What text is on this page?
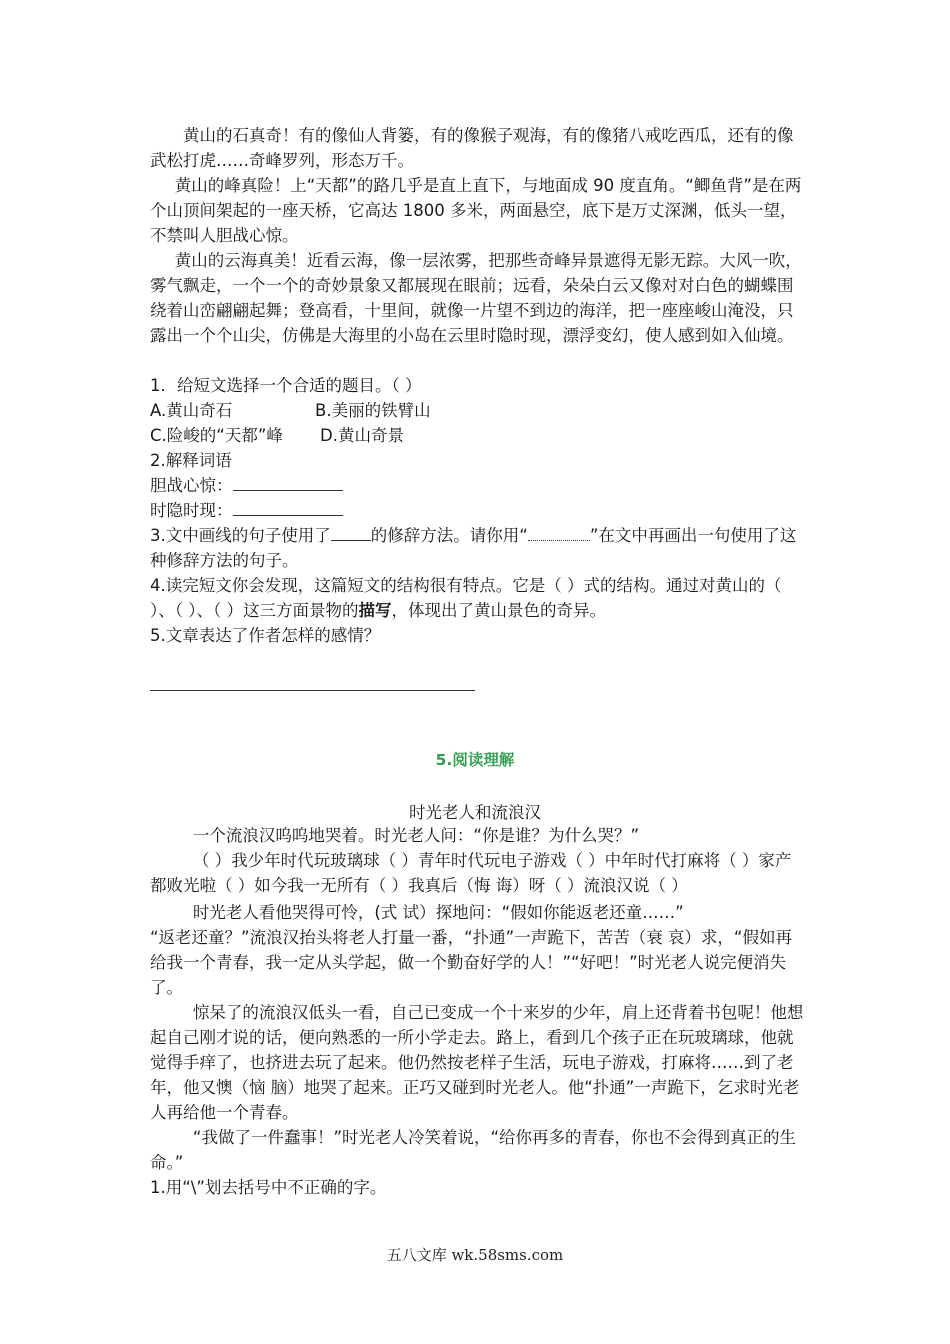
黄山的石真奇！有的像仙人背篓，有的像猴子观海，有的像猪八戒吃西瓜，还有的像武松打虎……奇峰罗列，形态万千。

黄山的峰真险！上“天都”的路几乎是直上直下，与地面成 90 度直角。“鲫鱼背”是在两个山顶间架起的一座天桥，它高达 1800 多米，两面悬空，底下是万丈深渊，低头一望，不禁叫人胆战心惊。

黄山的云海真美！近看云海，像一层浓雾，把那些奇峰异景遮得无影无踪。大风一吹，雾气飘走，一个一个的奇妙景象又都展现在眼前；远看，朵朵白云又像对对白色的蝴蝶围绕着山峦翩翩起舞；登高看，十里间，就像一片望不到边的海洋，把一座座峻山淹没，只露出一个个山尖，仿佛是大海里的小岛在云里时隐时现，漂浮变幻，使人感到如入仙境。

1．给短文选择一个合适的题目。（ ）

A.黄山奇石	B.美丽的铁臂山

C.险峻的“天都”峰 D.黄山奇景

2.解释词语

胆战心惊：

时隐时现：

3.文中画线的句子使用了 的修辞方法。请你用“	”在文中再画出一句使用了这种修辞方法的句子。

4.读完短文你会发现，这篇短文的结构很有特点。它是（ ）式的结构。通过对黄山的（ ）、（ ）、（ ）这三方面景物的描写，体现出了黄山景色的奇异。

5.文章表达了作者怎样的感情？

5.阅读理解
时光老人和流浪汉

一个流浪汉呜呜地哭着。时光老人问：“你是谁？为什么哭？”

（ ）我少年时代玩玻璃球（ ）青年时代玩电子游戏（ ）中年时代打麻将（ ）家产都败光啦（ ）如今我一无所有（ ）我真后（悔 诲）呀（ ）流浪汉说（ ）

时光老人看他哭得可怜，(式 试）探地问：“假如你能返老还童……”

“返老还童？”流浪汉抬头将老人打量一番，“扑通”一声跪下，苦苦（衰 哀）求，“假如再给我一个青春，我一定从头学起，做一个勤奋好学的人！”“好吧！”时光老人说完便消失了。

惊呆了的流浪汉低头一看，自己已变成一个十来岁的少年，肩上还背着书包呢！他想起自己刚才说的话，便向熟悉的一所小学走去。路上，看到几个孩子正在玩玻璃球，他就觉得手痒了，也挤进去玩了起来。他仍然按老样子生活，玩电子游戏，打麻将……到了老年，他又懊（恼 脑）地哭了起来。正巧又碰到时光老人。他“扑通”一声跪下，乞求时光老人再给他一个青春。

“我做了一件蠢事！”时光老人冷笑着说，“给你再多的青春，你也不会得到真正的生命。”

1.用“\”划去括号中不正确的字。

五八文库 wk.58sms.com
